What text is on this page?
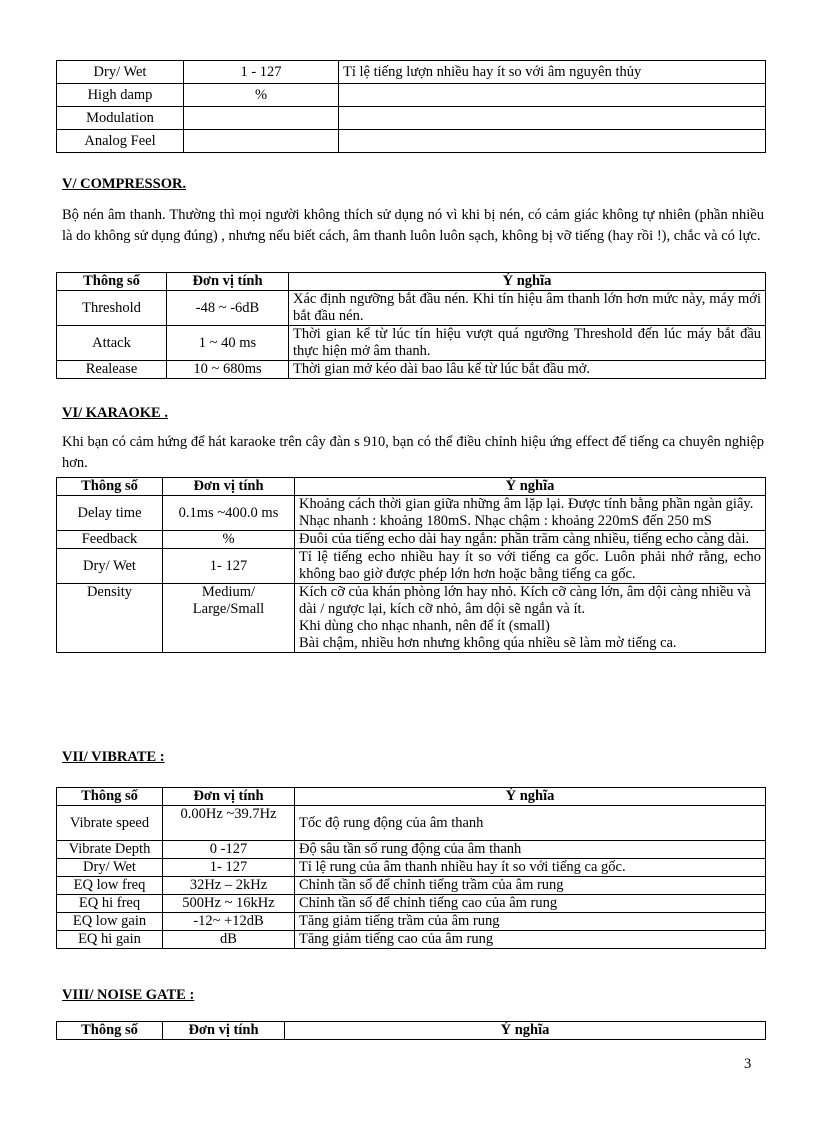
Dry/ Wet	1 - 127	Tỉ lệ tiếng lượn nhiều hay ít so với âm nguyên thủy
High damp	%	
Modulation		
Analog Feel		
V/ COMPRESSOR.
Bộ nén âm thanh. Thường thì mọi người không thích sử dụng nó vì khi bị nén, có cảm giác không tự nhiên (phần nhiều là do không sử dụng đúng) , nhưng nếu biết cách, âm thanh luôn luôn sạch, không bị vỡ tiếng (hay rồi !), chắc và có lực.
Thông số	Đơn vị tính	Ý nghĩa
Threshold	-48 ~ -6dB	Xác định ngưỡng bắt đầu nén. Khi tín hiệu âm thanh lớn hơn mức này, máy mới bắt đầu nén.
Attack	1 ~ 40 ms	Thời gian kể từ lúc tín hiệu vượt quá ngưỡng Threshold đến lúc máy bắt đầu thực hiện mở âm thanh.
Realease	10 ~ 680ms	Thời gian mở kéo dài bao lâu kể từ lúc bắt đầu mở.
VI/ KARAOKE .
Khi bạn có cảm hứng để hát karaoke trên cây đàn s 910, bạn có thể điều chỉnh hiệu ứng effect để tiếng ca chuyên nghiệp hơn.
Thông số	Đơn vị tính	Ý nghĩa
Delay time	0.1ms ~400.0 ms	Khoảng cách thời gian giữa những âm lặp lại. Được tính bằng phần ngàn giây.
Nhạc nhanh : khoảng 180mS. Nhạc chậm : khoảng 220mS đến 250 mS

Feedback	%	Đuôi của tiếng echo dài hay ngắn: phần trăm càng nhiều, tiếng echo càng dài.
Dry/ Wet	1- 127	Tỉ lệ tiếng echo nhiều hay ít so với tiếng ca gốc. Luôn phải nhớ rằng, echo không bao giờ được phép lớn hơn hoặc bằng tiếng ca gốc.
Density	Medium/ Large/Small	Kích cỡ của khán phòng lớn hay nhỏ. Kích cỡ càng lớn, âm dội càng nhiều và dài / ngược lại, kích cỡ nhỏ, âm dội sẽ ngắn và ít.
Khi dùng cho nhạc nhanh, nên để ít (small)
Bài chậm, nhiều hơn nhưng không qúa nhiều sẽ làm mờ tiếng ca.
VII/ VIBRATE :
Thông số	Đơn vị tính	Ý nghĩa
Vibrate speed	0.00Hz ~39.7Hz	Tốc độ rung động của âm thanh
Vibrate Depth	0 -127	Độ sâu tần số rung động của âm thanh
Dry/ Wet	1- 127	Tỉ lệ rung của âm thanh nhiều hay ít so với tiếng ca gốc.
EQ low freq	32Hz – 2kHz	Chỉnh tần số để chỉnh tiếng trầm của âm rung
EQ hi freq	500Hz ~ 16kHz	Chỉnh tần số để chỉnh tiếng cao của âm rung
EQ low gain	-12~ +12dB	Tăng giảm tiếng trầm của âm rung
EQ hi gain	dB	Tăng giảm tiếng cao của âm rung
VIII/ NOISE GATE :
Thông số	Đơn vị tính	Ý nghĩa
3
